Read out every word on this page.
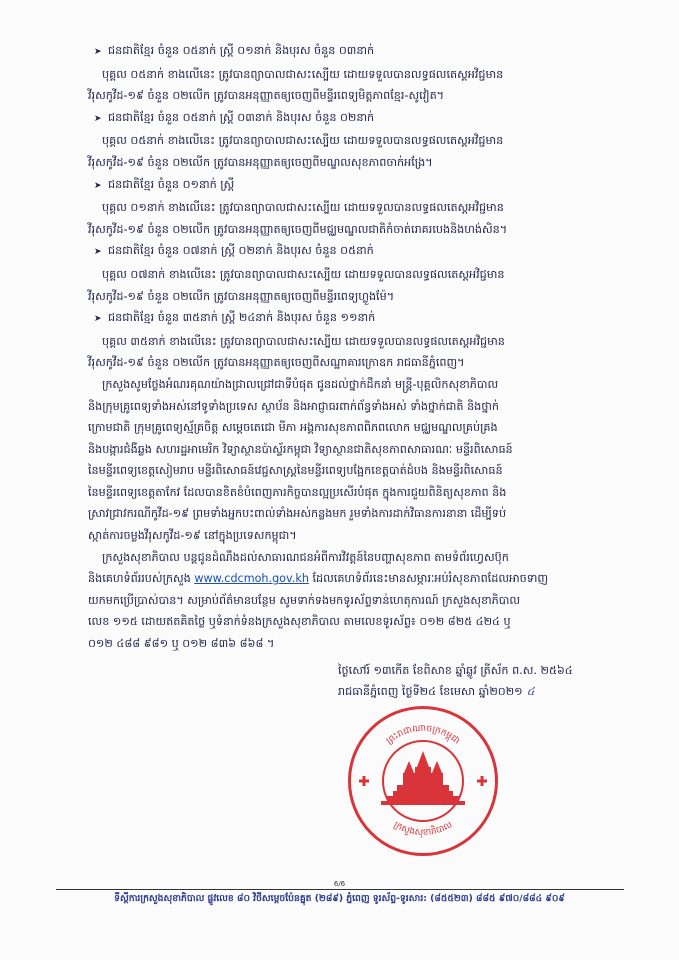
➤ ជនជាតិខ្មែរ ចំនួន ០៥នាក់ ស្ត្រី ០១នាក់ និងបុរស ចំនួន ០៣នាក់
បុគ្គល ០៥នាក់ ខាងលើនេះ ត្រូវបានព្យាបាលជាសះស្បើយ ដោយទទួលបានលទ្ធផលតេស្តអវិជ្ជមាន
វីរុសកូវីដ-១៩ ចំនួន ០២លើក ត្រូវបានអនុញ្ញាតឲ្យចេញពីមន្ទីរពេទ្យមិត្តភាពខ្មែរ-សូវៀត។
➤ ជនជាតិខ្មែរ ចំនួន ០៥នាក់ ស្ត្រី ០៣នាក់ និងបុរស ចំនួន ០២នាក់
បុគ្គល ០៥នាក់ ខាងលើនេះ ត្រូវបានព្យាបាលជាសះស្បើយ ដោយទទួលបានលទ្ធផលតេស្តអវិជ្ជមាន
វីរុសកូវីដ-១៩ ចំនួន ០២លើក ត្រូវបានអនុញ្ញាតឲ្យចេញពីមណ្ឌលសុខភាពចាក់អង្រែ។
➤ ជនជាតិខ្មែរ ចំនួន ០១នាក់ ស្ត្រី
បុគ្គល ០១នាក់ ខាងលើនេះ ត្រូវបានព្យាបាលជាសះស្បើយ ដោយទទួលបានលទ្ធផលតេស្តអវិជ្ជមាន
វីរុសកូវីដ-១៩ ចំនួន ០២លើក ត្រូវបានអនុញ្ញាតឲ្យចេញពីមជ្ឈមណ្ឌលជាតិកំចាត់រោគរបេងនិងហង់សិន។
➤ ជនជាតិខ្មែរ ចំនួន ០៧នាក់ ស្ត្រី ០២នាក់ និងបុរស ចំនួន ០៥នាក់
បុគ្គល ០៧នាក់ ខាងលើនេះ ត្រូវបានព្យាបាលជាសះស្បើយ ដោយទទួលបានលទ្ធផលតេស្តអវិជ្ជមាន
វីរុសកូវីដ-១៩ ចំនួន ០២លើក ត្រូវបានអនុញ្ញាតឲ្យចេញពីមន្ទីរពេទ្យហ្លួងម៉ែ។
➤ ជនជាតិខ្មែរ ចំនួន ៣៥នាក់ ស្ត្រី ២៤នាក់ និងបុរស ចំនួន ១១នាក់
បុគ្គល ៣៥នាក់ ខាងលើនេះ ត្រូវបានព្យាបាលជាសះស្បើយ ដោយទទួលបានលទ្ធផលតេស្តអវិជ្ជមាន
វីរុសកូវីដ-១៩ ចំនួន ០២លើក ត្រូវបានអនុញ្ញាតឲ្យចេញពីសណ្ឋាគារក្រោឧក រាជធានីភ្នំពេញ។
ក្រសួងសូមថ្លែងអំណរគុណយ៉ាងជ្រាលជ្រៅជាទីបំផុត ជូនដល់ថ្នាក់ដឹកនាំ មន្ត្រី-បុគ្គលិកសុខាភិបាល
និងក្រុមគ្រូពេទ្យទាំងអស់នៅទូទាំងប្រទេស ស្ថាប័ន និងអាជ្ញាធរពាក់ព័ន្ធទាំងអស់ ទាំងថ្នាក់ជាតិ និងថ្នាក់
ក្រោមជាតិ ក្រុមគ្រូពេទ្យស្ម័គ្រចិត្ត សម្តេចតេជោ មីភា អង្គការសុខភាពពិភពលោក មជ្ឈមណ្ឌលគ្រប់គ្រង
និងបង្ការជំងឺឆ្លង សហរដ្ឋអាមេរិក វិទ្យាស្ថានប៉ាស្ទ័រកម្ពុជា វិទ្យាស្ថានជាតិសុខភាពសាធារណៈ មន្ទីរពិសោធន៍
នៃមន្ទីរពេទ្យខេត្តសៀមរាប មន្ទីរពិសោធន៍វេជ្ជសាស្ត្រនៃមន្ទីរពេទ្យបង្អែកខេត្តបាត់ដំបង និងមន្ទីរពិសោធន៍
នៃមន្ទីរពេទ្យខេត្តតាកែវ ដែលបានខិតខំបំពេញភារកិច្ចបានល្អប្រសើរបំផុត ក្នុងការជួយពិនិត្យសុខភាព និង
ស្រាវជ្រាវករណីកូវីដ-១៩ ព្រមទាំងអ្នកបះពាល់ទាំងអស់កន្លងមក រួមទាំងការដាក់វិធានការនានា ដើម្បីទប់
ស្កាត់ការចម្លងវីរុសកូវីដ-១៩ នៅក្នុងប្រទេសកម្ពុជា។
ក្រសួងសុខាភិបាល បន្តជូនដំណឹងដល់សាធារណជនអំពីការវិវត្តន៍នៃបញ្ហាសុខភាព តាមទំព័រហ្វេសប៊ុក
និងគេហទំព័ររបស់ក្រសួង www.cdcmoh.gov.kh ដែលគេហទំព័រនេះមានសម្ភារៈអប់រំសុខភាពដែលអាចទាញ
យកមកប្រើប្រាស់បាន។ សម្រាប់ព័ត៌មានបន្ថែម សូមទាក់ទងមកទូរស័ព្ទទាន់ហេតុការណ៍ ក្រសួងសុខាភិបាល
លេខ ១១៥ ដោយឥតគិតថ្លៃ ឬទំនាក់ទំនងក្រសួងសុខាភិបាល តាមលេខទូរស័ព្ទ៖ ០១២ ៨២៥ ៤២៤ ឬ
០១២ ៤៨៨ ៩៨១ ឬ ០១២ ៨៣៦ ៨៦៨ ។
ថ្ងៃសៅរ៍ ១៣កើត ខែពិសាខ ឆ្នាំឆ្លូវ ត្រីស័ក ព.ស. ២៥៦៤
រាជធានីភ្នំពេញ ថ្ងៃទី២៤ ខែមេសា ឆ្នាំ២០២១ ៤
ព្រះរាជាណាចក្រកម្ពុជា
ក្រសួងសុខាភិបាល
6/6
ទីស្តីការក្រសួងសុខាភិបាល ផ្លូវលេខ ៨០ វិថីសម្តេចប៉ែនគ្នុត (២៨៩) ភ្នំពេញ ទូរស័ព្ទ-ទូរសារ: (៨៥៥២៣) ៨៨៥ ៩៧០/៨៨៤ ៩០៩
